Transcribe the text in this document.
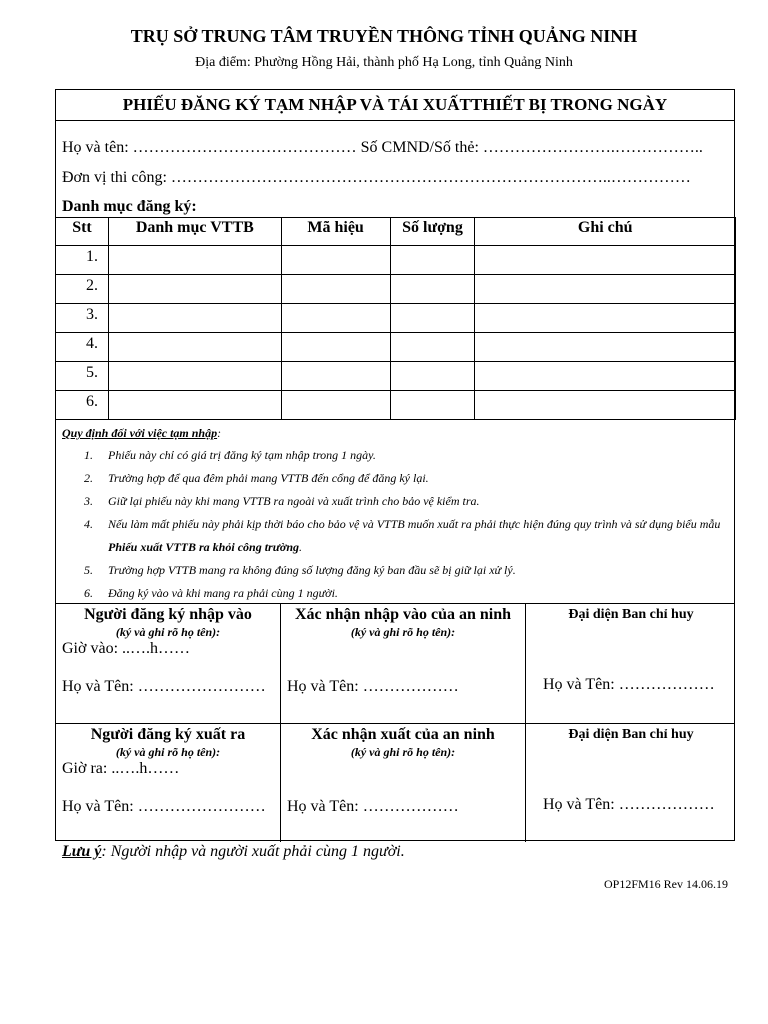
TRỤ SỞ TRUNG TÂM TRUYỀN THÔNG TỈNH QUẢNG NINH
Địa điểm: Phường Hồng Hải, thành phố Hạ Long, tỉnh Quảng Ninh
PHIẾU ĐĂNG KÝ TẠM NHẬP VÀ TÁI XUẤTTHIẾT BỊ TRONG NGÀY
Họ và tên: …………………………………… Số CMND/Số thẻ: …………………….……………..
Đơn vị thi công: ………………………………………………………………………..……………
Danh mục đăng ký:
Stt	Danh mục VTTB	Mã hiệu	Số lượng	Ghi chú
1.				
2.				
3.				
4.				
5.				
6.				
Quy định đối với việc tạm nhập:
1. Phiếu này chỉ có giá trị đăng ký tạm nhập trong 1 ngày.
2. Trường hợp để qua đêm phải mang VTTB đến cổng để đăng ký lại.
3. Giữ lại phiếu này khi mang VTTB ra ngoài và xuất trình cho bảo vệ kiểm tra.
4. Nếu làm mất phiếu này phải kịp thời báo cho bảo vệ và VTTB muốn xuất ra phải thực hiện đúng quy trình và sử dụng biểu mẫu Phiếu xuất VTTB ra khỏi công trường.
5. Trường hợp VTTB mang ra không đúng số lượng đăng ký ban đầu sẽ bị giữ lại xử lý.
6. Đăng ký vào và khi mang ra phải cùng 1 người.
Người đăng ký nhập vào
(ký và ghi rõ họ tên):
Giờ vào: ..….h……
Họ và Tên: ……………………
Xác nhận nhập vào của an ninh
(ký và ghi rõ họ tên):
Họ và Tên: ………………
Đại diện Ban chỉ huy
Họ và Tên: ………………
Người đăng ký xuất ra
(ký và ghi rõ họ tên):
Giờ ra: ..….h……
Họ và Tên: ……………………
Xác nhận xuất của an ninh
(ký và ghi rõ họ tên):
Họ và Tên: ………………
Đại diện Ban chỉ huy
Họ và Tên: ………………
Lưu ý: Người nhập và người xuất phải cùng 1 người.
OP12FM16 Rev 14.06.19
